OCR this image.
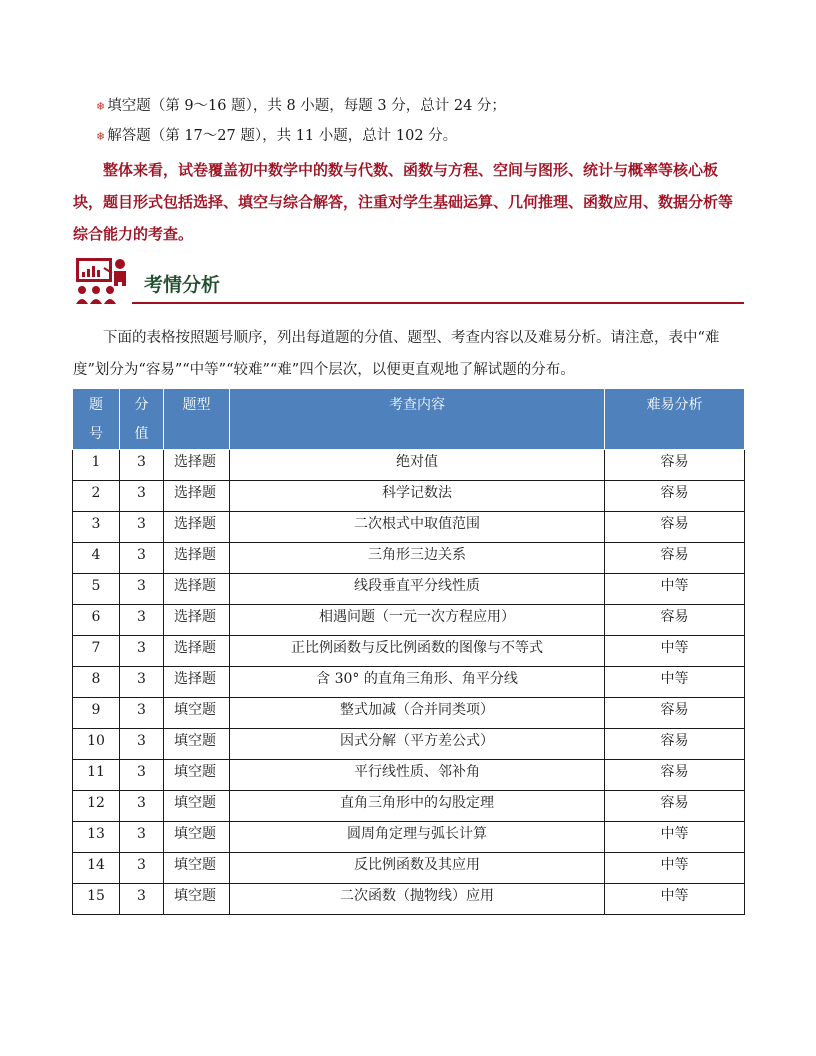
❄ 填空题（第 9～16 题），共 8 小题，每题 3 分，总计 24 分；
❄ 解答题（第 17～27 题），共 11 小题，总计 102 分。
整体来看，试卷覆盖初中数学中的数与代数、函数与方程、空间与图形、统计与概率等核心板块，题目形式包括选择、填空与综合解答，注重对学生基础运算、几何推理、函数应用、数据分析等综合能力的考查。
考情分析
下面的表格按照题号顺序，列出每道题的分值、题型、考查内容以及难易分析。请注意，表中“难度”划分为“容易”“中等”“较难”“难”四个层次，以便更直观地了解试题的分布。
题号	分值	题型	考查内容	难易分析
1	3	选择题	绝对值	容易
2	3	选择题	科学记数法	容易
3	3	选择题	二次根式中取值范围	容易
4	3	选择题	三角形三边关系	容易
5	3	选择题	线段垂直平分线性质	中等
6	3	选择题	相遇问题（一元一次方程应用）	容易
7	3	选择题	正比例函数与反比例函数的图像与不等式	中等
8	3	选择题	含 30° 的直角三角形、角平分线	中等
9	3	填空题	整式加减（合并同类项）	容易
10	3	填空题	因式分解（平方差公式）	容易
11	3	填空题	平行线性质、邻补角	容易
12	3	填空题	直角三角形中的勾股定理	容易
13	3	填空题	圆周角定理与弧长计算	中等
14	3	填空题	反比例函数及其应用	中等
15	3	填空题	二次函数（抛物线）应用	中等
